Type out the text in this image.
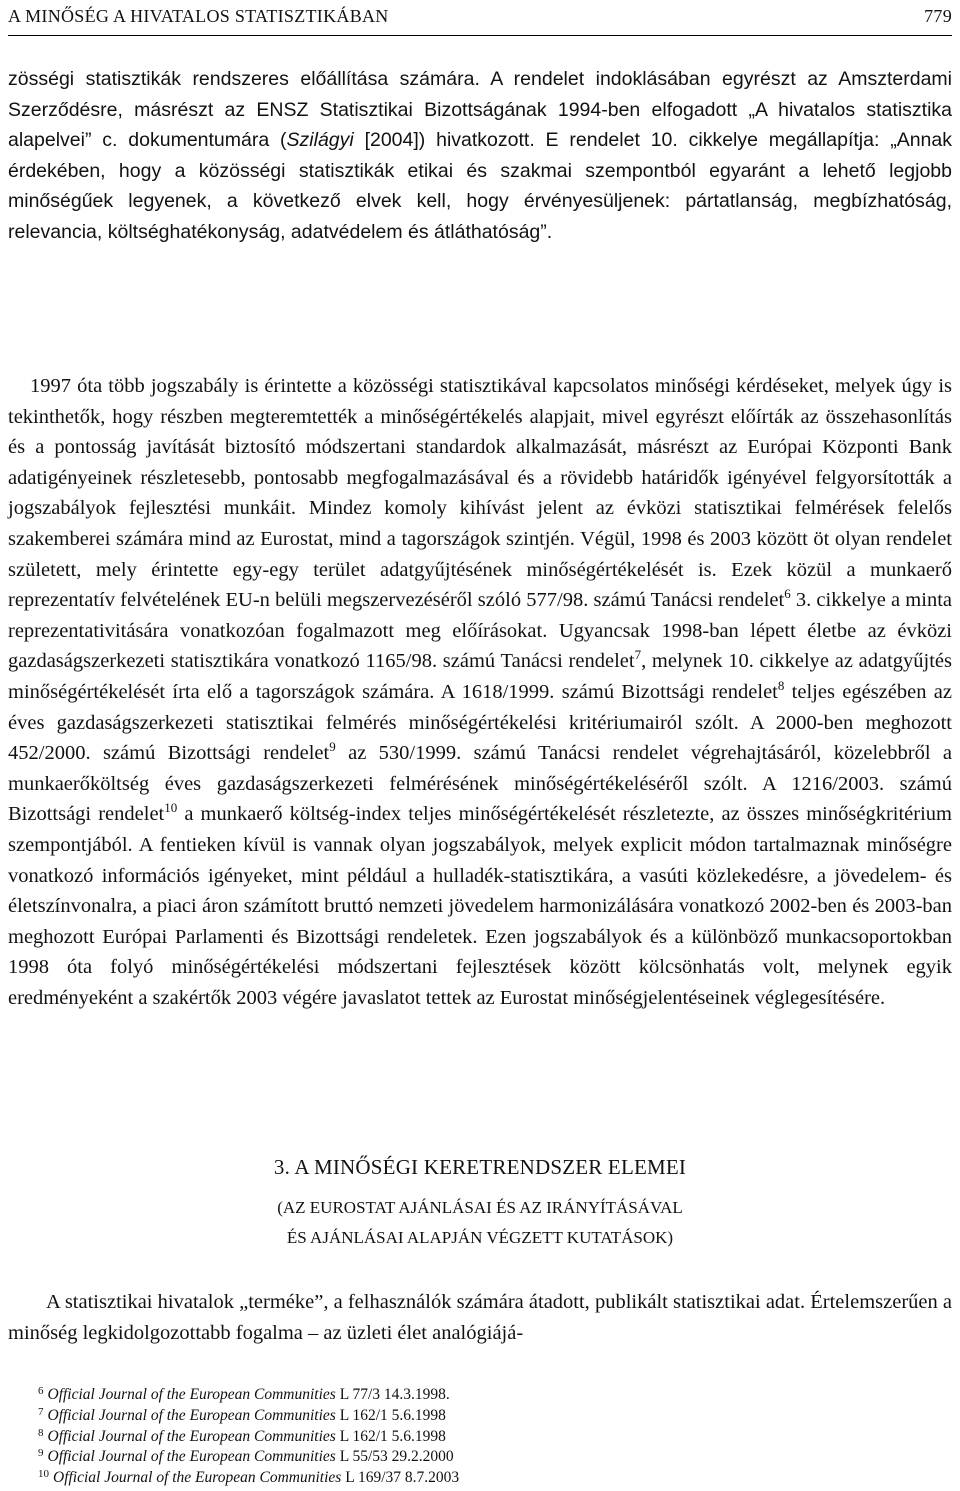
A MINŐSÉG A HIVATALOS STATISZTIKÁBAN	779

zösségi statisztikák rendszeres előállítása számára. A rendelet indoklásában egyrészt az Amszterdami Szerződésre, másrészt az ENSZ Statisztikai Bizottságának 1994-ben elfogadott „A hivatalos statisztika alapelvei” c. dokumentumára (Szilágyi [2004]) hivatkozott. E rendelet 10. cikkelye megállapítja: „Annak érdekében, hogy a közösségi statisztikák etikai és szakmai szempontból egyaránt a lehető legjobb minőségűek legyenek, a következő elvek kell, hogy érvényesüljenek: pártatlanság, megbízhatóság, relevancia, költséghatékonyság, adatvédelem és átláthatóság”.

1997 óta több jogszabály is érintette a közösségi statisztikával kapcsolatos minőségi kérdéseket, melyek úgy is tekinthetők, hogy részben megteremtették a minőségértékelés alapjait, mivel egyrészt előírták az összehasonlítás és a pontosság javítását biztosító módszertani standardok alkalmazását, másrészt az Európai Központi Bank adatigényeinek részletesebb, pontosabb megfogalmazásával és a rövidebb határidők igényével felgyorsították a jogszabályok fejlesztési munkáit. Mindez komoly kihívást jelent az évközi statisztikai felmérések felelős szakemberei számára mind az Eurostat, mind a tagországok szintjén. Végül, 1998 és 2003 között öt olyan rendelet született, mely érintette egy-egy terület adatgyűjtésének minőségértékelését is. Ezek közül a munkaerő reprezentatív felvételének EU-n belüli megszervezéséről szóló 577/98. számú Tanácsi rendelet$^6$ 3. cikkelye a minta reprezentativitására vonatkozóan fogalmazott meg előírásokat. Ugyancsak 1998-ban lépett életbe az évközi gazdaságszerkezeti statisztikára vonatkozó 1165/98. számú Tanácsi rendelet$^7$, melynek 10. cikkelye az adatgyűjtés minőségértékelését írta elő a tagországok számára. A 1618/1999. számú Bizottsági rendelet$^8$ teljes egészében az éves gazdaságszerkezeti statisztikai felmérés minőségértékelési kritériumairól szólt. A 2000-ben meghozott 452/2000. számú Bizottsági rendelet$^9$ az 530/1999. számú Tanácsi rendelet végrehajtásáról, közelebbről a munkaerőköltség éves gazdaságszerkezeti felmérésének minőségértékeléséről szólt. A 1216/2003. számú Bizottsági rendelet$^{10}$ a munkaerő költség-index teljes minőségértékelését részletezte, az összes minőségkritérium szempontjából. A fentieken kívül is vannak olyan jogszabályok, melyek explicit módon tartalmaznak minőségre vonatkozó információs igényeket, mint például a hulladék-statisztikára, a vasúti közlekedésre, a jövedelem- és életszínvonalra, a piaci áron számított bruttó nemzeti jövedelem harmonizálására vonatkozó 2002-ben és 2003-ban meghozott Európai Parlamenti és Bizottsági rendeletek. Ezen jogszabályok és a különböző munkacsoportokban 1998 óta folyó minőségértékelési módszertani fejlesztések között kölcsönhatás volt, melynek egyik eredményeként a szakértők 2003 végére javaslatot tettek az Eurostat minőségjelentéseinek véglegesítésére.

3. A MINŐSÉGI KERETRENDSZER ELEMEI
(AZ EUROSTAT AJÁNLÁSAI ÉS AZ IRÁNYÍTÁSÁVAL
ÉS AJÁNLÁSAI ALAPJÁN VÉGZETT KUTATÁSOK)

A statisztikai hivatalok „terméke”, a felhasználók számára átadott, publikált statisztikai adat. Értelemszerűen a minőség legkidolgozottabb fogalma – az üzleti élet analógiájá-

$^6$ Official Journal of the European Communities L 77/3 14.3.1998.
$^7$ Official Journal of the European Communities L 162/1 5.6.1998
$^8$ Official Journal of the European Communities L 162/1 5.6.1998
$^9$ Official Journal of the European Communities L 55/53 29.2.2000
$^{10}$ Official Journal of the European Communities L 169/37 8.7.2003
